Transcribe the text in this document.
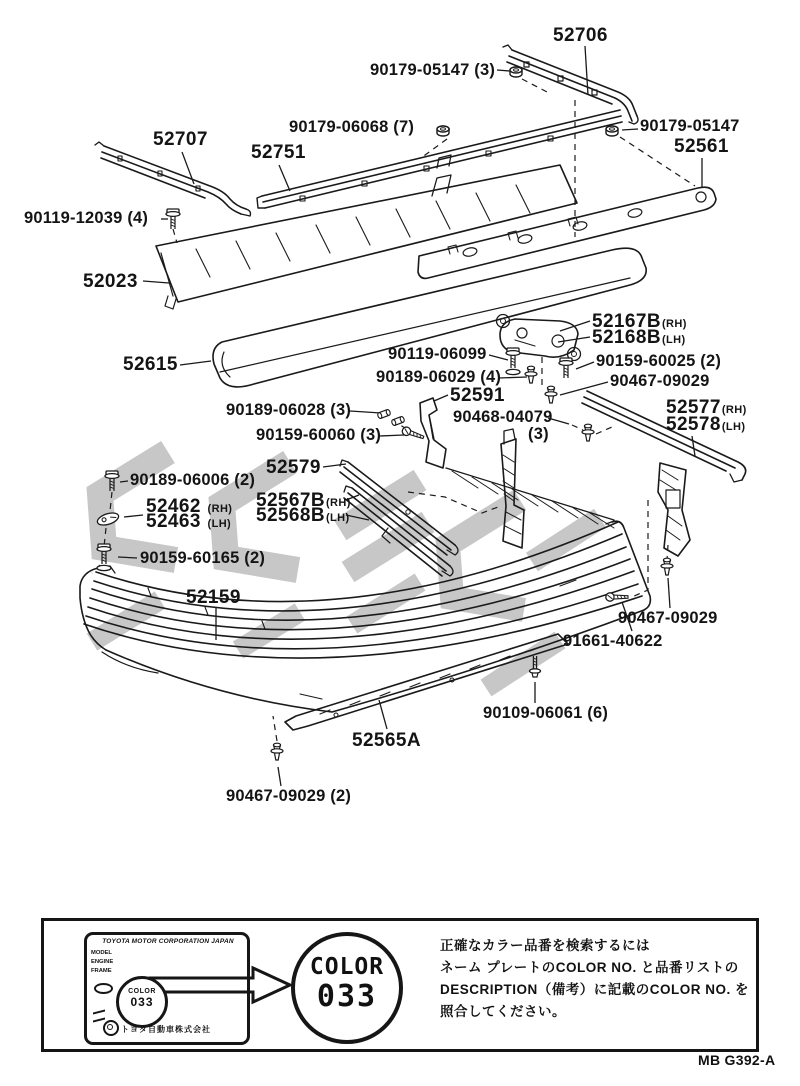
52706
90179-05147 (3)
90179-06068 (7)	90179-05147
52707
52751	52561
90119-12039 (4)
52023
52167B(RH)
52168B(LH)
90119-06099	90159-60025 (2)
52615
90189-06029 (4)	90467-09029
52591
90189-06028 (3)	90468-04079
(3)
52577(RH)
52578(LH)
90159-60060 (3)
52579
90189-06006 (2)
52567B(RH)
52568B(LH)
52462 (RH)
52463 (LH)
90159-60165 (2)
52159
90467-09029
91661-40622
90109-06061 (6)
52565A
90467-09029 (2)
TOYOTA MOTOR CORPORATION JAPAN
MODEL
ENGINE
FRAME
COLOR
033
トヨタ自動車株式会社
COLOR
033
正確なカラー品番を検索するには
ネーム プレートのCOLOR NO. と品番リストの
DESCRIPTION（備考）に記載のCOLOR NO. を
照合してください。
MB G392-A
